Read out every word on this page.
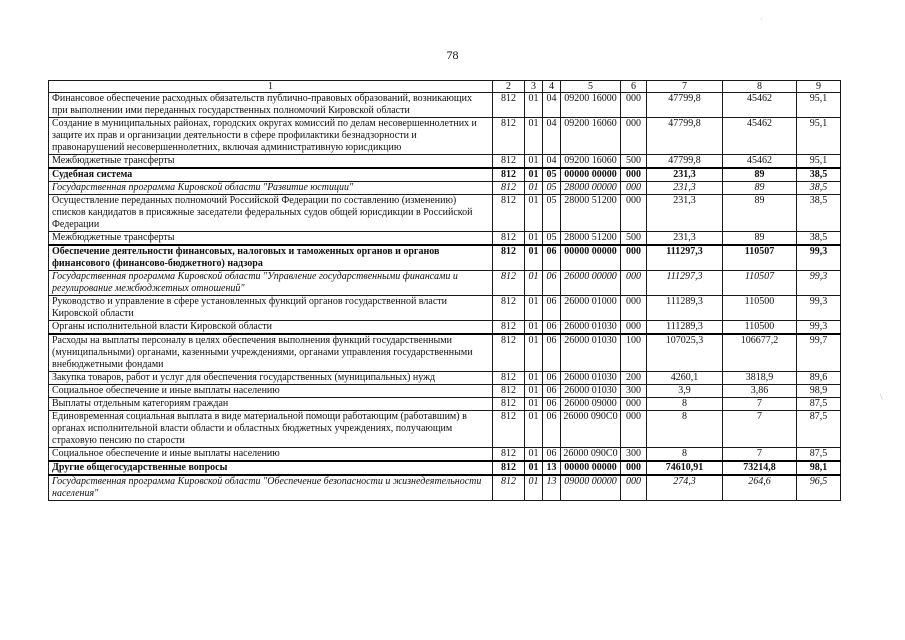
78
1	2	3	4	5	6	7	8	9
Финансовое обеспечение расходных обязательств публично-правовых образований, возникающих при выполнении ими переданных государственных полномочий Кировской области	812	01	04	09200 16000	000	47799,8	45462	95,1
Создание в муниципальных районах, городских округах комиссий по делам несовершеннолетних и защите их прав и организации деятельности в сфере профилактики безнадзорности и правонарушений несовершеннолетних, включая административную юрисдикцию	812	01	04	09200 16060	000	47799,8	45462	95,1
Межбюджетные трансферты	812	01	04	09200 16060	500	47799,8	45462	95,1
Судебная система	812	01	05	00000 00000	000	231,3	89	38,5
Государственная программа Кировской области "Развитие юстиции"	812	01	05	28000 00000	000	231,3	89	38,5
Осуществление переданных полномочий Российской Федерации по составлению (изменению) списков кандидатов в присяжные заседатели федеральных судов общей юрисдикции в Российской Федерации	812	01	05	28000 51200	000	231,3	89	38,5
Межбюджетные трансферты	812	01	05	28000 51200	500	231,3	89	38,5
Обеспечение деятельности финансовых, налоговых и таможенных органов и органов финансового (финансово-бюджетного) надзора	812	01	06	00000 00000	000	111297,3	110507	99,3
Государственная программа Кировской области "Управление государственными финансами и регулирование межбюджетных отношений"	812	01	06	26000 00000	000	111297,3	110507	99,3
Руководство и управление в сфере установленных функций органов государственной власти Кировской области	812	01	06	26000 01000	000	111289,3	110500	99,3
Органы исполнительной власти Кировской области	812	01	06	26000 01030	000	111289,3	110500	99,3
Расходы на выплаты персоналу в целях обеспечения выполнения функций государственными (муниципальными) органами, казенными учреждениями, органами управления государственными внебюджетными фондами	812	01	06	26000 01030	100	107025,3	106677,2	99,7
Закупка товаров, работ и услуг для обеспечения государственных (муниципальных) нужд	812	01	06	26000 01030	200	4260,1	3818,9	89,6
Социальное обеспечение и иные выплаты населению	812	01	06	26000 01030	300	3,9	3,86	98,9
Выплаты отдельным категориям граждан	812	01	06	26000 09000	000	8	7	87,5
Единовременная социальная выплата в виде материальной помощи работающим (работавшим) в органах исполнительной власти области и областных бюджетных учреждениях, получающим страховую пенсию по старости	812	01	06	26000 090С0	000	8	7	87,5
Социальное обеспечение и иные выплаты населению	812	01	06	26000 090С0	300	8	7	87,5
Другие общегосударственные вопросы	812	01	13	00000 00000	000	74610,91	73214,8	98,1
Государственная программа Кировской области "Обеспечение безопасности и жизнедеятельности населения"	812	01	13	09000 00000	000	274,3	264,6	96,5
·
\
